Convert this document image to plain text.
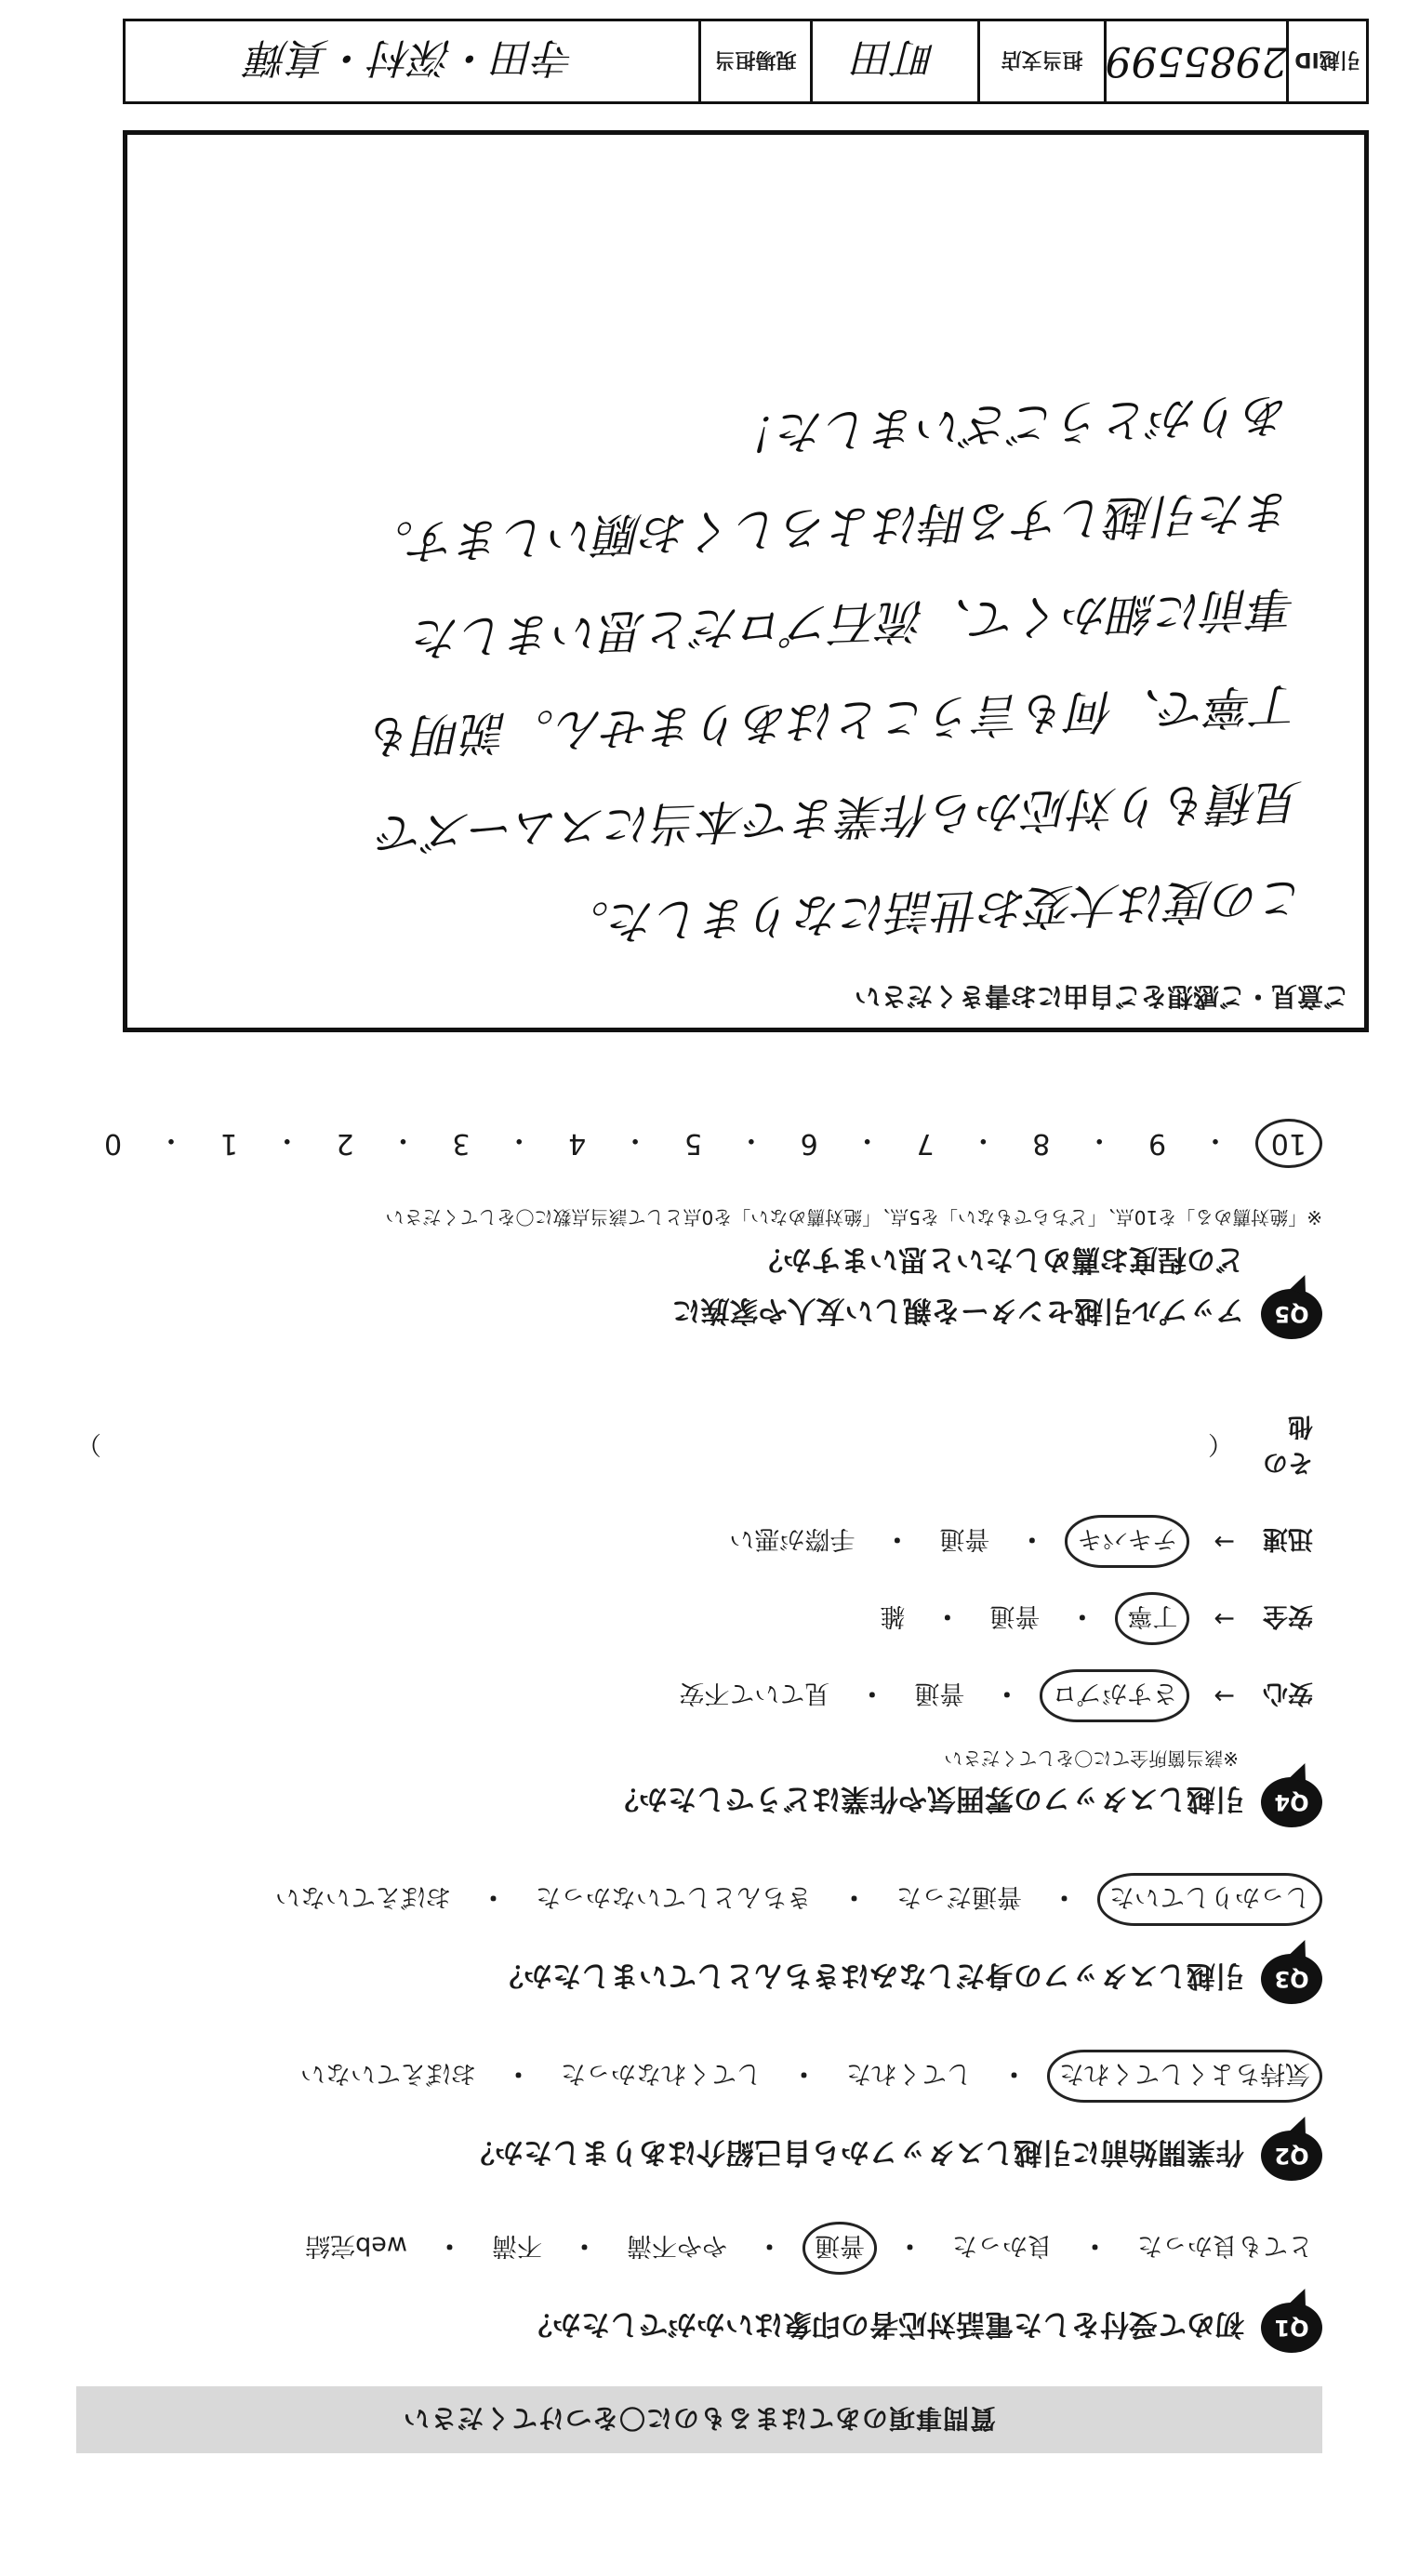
質問事項のあてはまるものに〇をつけてください
Q1
初めて受付をした電話対応者の印象はいかがでしたか？
とても良かった
・
良かった
・
普通
・
やや不満
・
不満
・
web完結
Q2
作業開始前に引越しスタッフから自己紹介はありましたか？
気持ちよくしてくれた
・
してくれた
・
してくれなかった
・
おぼえていない
Q3
引越しスタッフの身だしなみはきちんとしていましたか？
しっかりしていた
・
普通だった
・
きちんとしていなかった
・
おぼえていない
Q4
引越しスタッフの雰囲気や作業はどうでしたか？
※該当箇所全てに〇をしてください
安心
→
さすがプロ
・
普通
・
見ていて不安
安全
→
丁寧
・
普通
・
雑
迅速
→
テキパキ
・
普通
・
手際が悪い
その他
（
）
Q5
アップル引越センターを親しい友人や家族に
どの程度お薦めしたいと思いますか？
※「絶対薦める」を10点、「どちらでもない」を5点、「絶対薦めない」を0点として該当点数に〇をしてください
10
・
9
・
8
・
7
・
6
・
5
・
4
・
3
・
2
・
1
・
0
ご意見・ご感想をご自由にお書きください
この度は大変お世話になりました。
見積もり対応から作業まで本当にスムーズで
丁寧で、何も言うことはありません。説明も
事前に細かくて、流石プロだと思いました
また引越しする時はよろしくお願いします。
ありがとうございました！
引越ID
2985599
担当支店
町田
現場担当
寺田・深村・真輝
